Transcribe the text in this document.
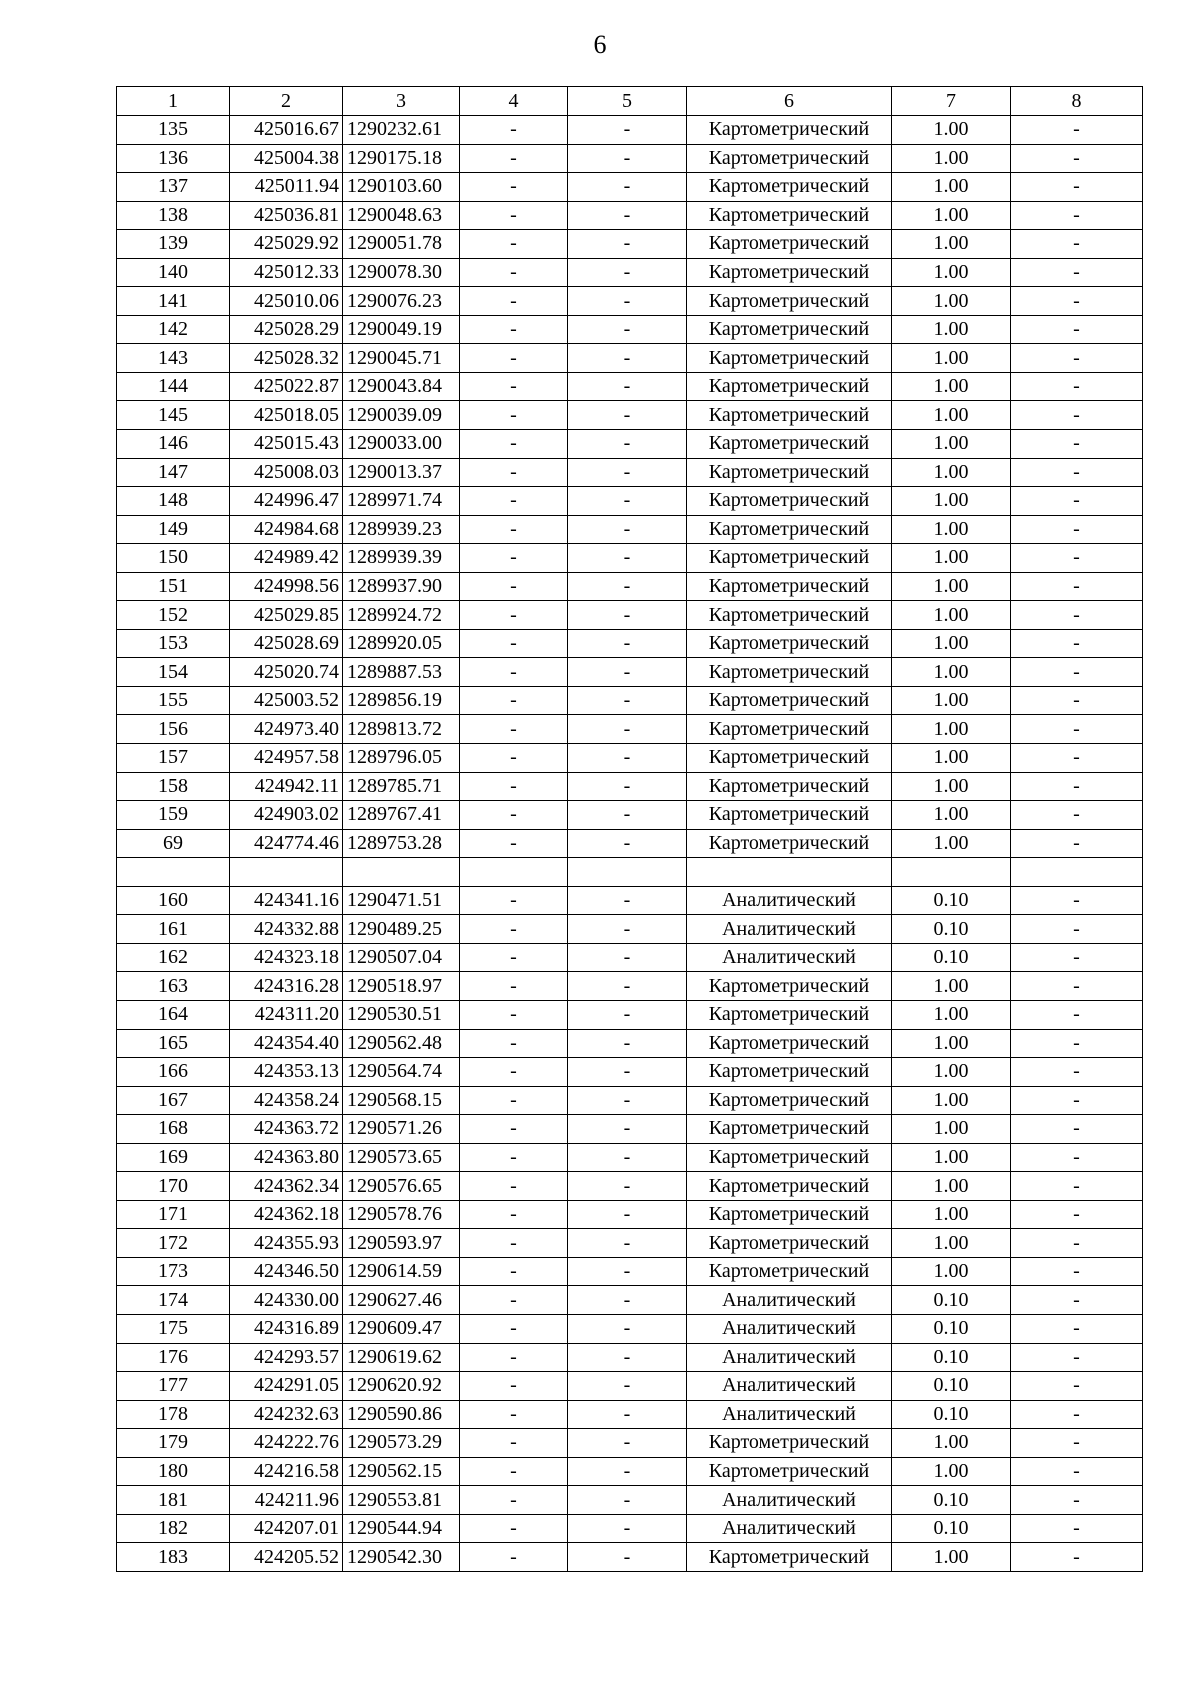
6
1	2	3	4	5	6	7	8
135	425016.67	1290232.61	-	-	Картометрический	1.00	-
136	425004.38	1290175.18	-	-	Картометрический	1.00	-
137	425011.94	1290103.60	-	-	Картометрический	1.00	-
138	425036.81	1290048.63	-	-	Картометрический	1.00	-
139	425029.92	1290051.78	-	-	Картометрический	1.00	-
140	425012.33	1290078.30	-	-	Картометрический	1.00	-
141	425010.06	1290076.23	-	-	Картометрический	1.00	-
142	425028.29	1290049.19	-	-	Картометрический	1.00	-
143	425028.32	1290045.71	-	-	Картометрический	1.00	-
144	425022.87	1290043.84	-	-	Картометрический	1.00	-
145	425018.05	1290039.09	-	-	Картометрический	1.00	-
146	425015.43	1290033.00	-	-	Картометрический	1.00	-
147	425008.03	1290013.37	-	-	Картометрический	1.00	-
148	424996.47	1289971.74	-	-	Картометрический	1.00	-
149	424984.68	1289939.23	-	-	Картометрический	1.00	-
150	424989.42	1289939.39	-	-	Картометрический	1.00	-
151	424998.56	1289937.90	-	-	Картометрический	1.00	-
152	425029.85	1289924.72	-	-	Картометрический	1.00	-
153	425028.69	1289920.05	-	-	Картометрический	1.00	-
154	425020.74	1289887.53	-	-	Картометрический	1.00	-
155	425003.52	1289856.19	-	-	Картометрический	1.00	-
156	424973.40	1289813.72	-	-	Картометрический	1.00	-
157	424957.58	1289796.05	-	-	Картометрический	1.00	-
158	424942.11	1289785.71	-	-	Картометрический	1.00	-
159	424903.02	1289767.41	-	-	Картометрический	1.00	-
69	424774.46	1289753.28	-	-	Картометрический	1.00	-

160	424341.16	1290471.51	-	-	Аналитический	0.10	-
161	424332.88	1290489.25	-	-	Аналитический	0.10	-
162	424323.18	1290507.04	-	-	Аналитический	0.10	-
163	424316.28	1290518.97	-	-	Картометрический	1.00	-
164	424311.20	1290530.51	-	-	Картометрический	1.00	-
165	424354.40	1290562.48	-	-	Картометрический	1.00	-
166	424353.13	1290564.74	-	-	Картометрический	1.00	-
167	424358.24	1290568.15	-	-	Картометрический	1.00	-
168	424363.72	1290571.26	-	-	Картометрический	1.00	-
169	424363.80	1290573.65	-	-	Картометрический	1.00	-
170	424362.34	1290576.65	-	-	Картометрический	1.00	-
171	424362.18	1290578.76	-	-	Картометрический	1.00	-
172	424355.93	1290593.97	-	-	Картометрический	1.00	-
173	424346.50	1290614.59	-	-	Картометрический	1.00	-
174	424330.00	1290627.46	-	-	Аналитический	0.10	-
175	424316.89	1290609.47	-	-	Аналитический	0.10	-
176	424293.57	1290619.62	-	-	Аналитический	0.10	-
177	424291.05	1290620.92	-	-	Аналитический	0.10	-
178	424232.63	1290590.86	-	-	Аналитический	0.10	-
179	424222.76	1290573.29	-	-	Картометрический	1.00	-
180	424216.58	1290562.15	-	-	Картометрический	1.00	-
181	424211.96	1290553.81	-	-	Аналитический	0.10	-
182	424207.01	1290544.94	-	-	Аналитический	0.10	-
183	424205.52	1290542.30	-	-	Картометрический	1.00	-
